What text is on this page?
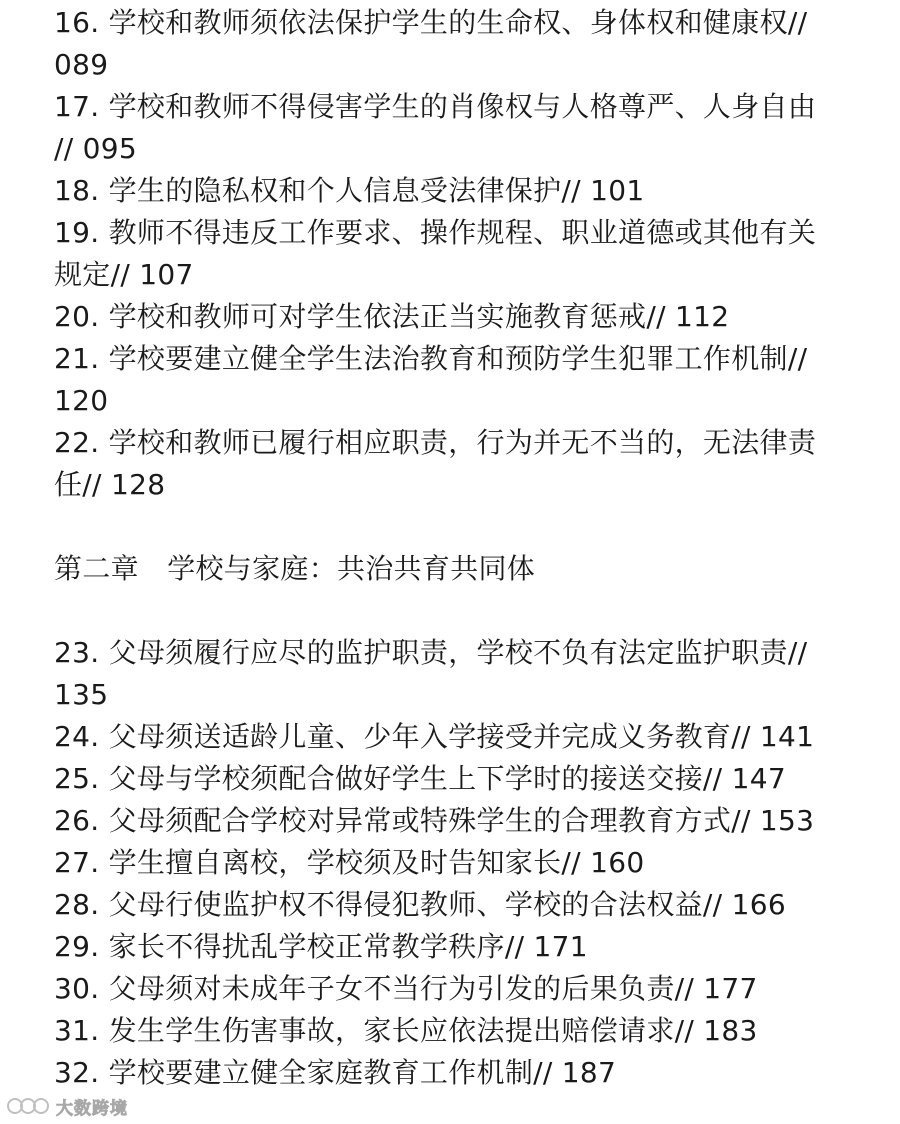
16. 学校和教师须依法保护学生的生命权、身体权和健康权//
089
17. 学校和教师不得侵害学生的肖像权与人格尊严、人身自由
// 095
18. 学生的隐私权和个人信息受法律保护// 101
19. 教师不得违反工作要求、操作规程、职业道德或其他有关
规定// 107
20. 学校和教师可对学生依法正当实施教育惩戒// 112
21. 学校要建立健全学生法治教育和预防学生犯罪工作机制//
120
22. 学校和教师已履行相应职责，行为并无不当的，无法律责
任// 128
第二章　学校与家庭：共治共育共同体
23. 父母须履行应尽的监护职责，学校不负有法定监护职责//
135
24. 父母须送适龄儿童、少年入学接受并完成义务教育// 141
25. 父母与学校须配合做好学生上下学时的接送交接// 147
26. 父母须配合学校对异常或特殊学生的合理教育方式// 153
27. 学生擅自离校，学校须及时告知家长// 160
28. 父母行使监护权不得侵犯教师、学校的合法权益// 166
29. 家长不得扰乱学校正常教学秩序// 171
30. 父母须对未成年子女不当行为引发的后果负责// 177
31. 发生学生伤害事故，家长应依法提出赔偿请求// 183
32. 学校要建立健全家庭教育工作机制// 187
大数跨境
